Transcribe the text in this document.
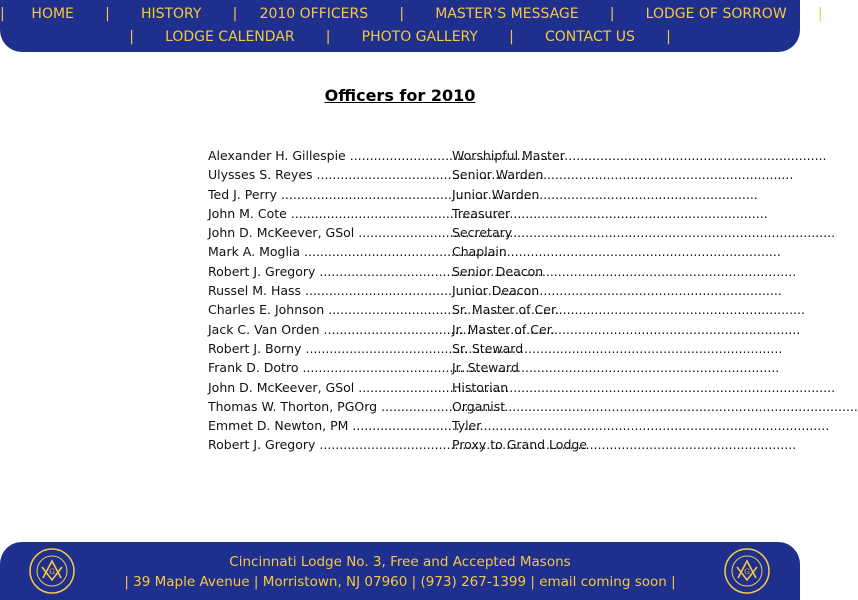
| HOME | HISTORY | 2010 OFFICERS | MASTER’S MESSAGE | LODGE OF SORROW |
| LODGE CALENDAR | PHOTO GALLERY | CONTACT US |
Officers for 2010
Alexander H. Gillespie .....	Worshipful Master
Ulysses S. Reyes .....	Senior Warden
Ted J. Perry .....	Junior Warden
John M. Cote .....	Treasurer
John D. McKeever, GSol .....	Secretary
Mark A. Moglia .....	Chaplain
Robert J. Gregory .....	Senior Deacon
Russel M. Hass .....	Junior Deacon
Charles E. Johnson .....	Sr. Master of Cer.
Jack C. Van Orden .....	Jr. Master of Cer.
Robert J. Borny .....	Sr. Steward
Frank D. Dotro .....	Jr. Steward
John D. McKeever, GSol .....	Historian
Thomas W. Thorton, PGOrg .....	Organist
Emmet D. Newton, PM .....	Tyler
Robert J. Gregory .....	Proxy to Grand Lodge
G
Cincinnati Lodge No. 3, Free and Accepted Masons
| 39 Maple Avenue | Morristown, NJ 07960 | (973) 267-1399 | email coming soon |
G
